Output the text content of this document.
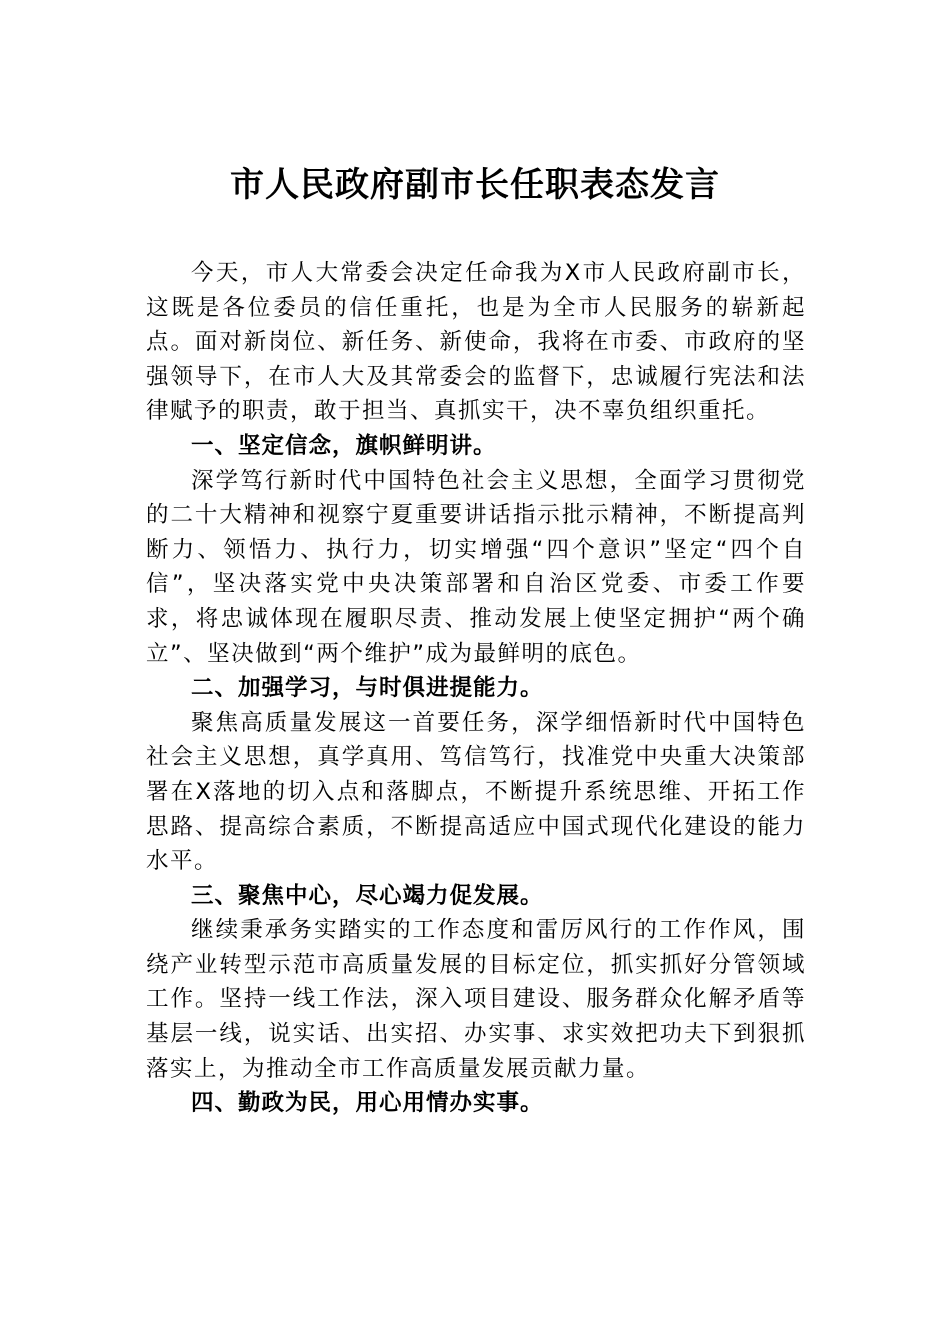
市人民政府副市长任职表态发言

今天，市人大常委会决定任命我为X市人民政府副市长，这既是各位委员的信任重托，也是为全市人民服务的崭新起点。面对新岗位、新任务、新使命，我将在市委、市政府的坚强领导下，在市人大及其常委会的监督下，忠诚履行宪法和法律赋予的职责，敢于担当、真抓实干，决不辜负组织重托。

一、坚定信念，旗帜鲜明讲。

深学笃行新时代中国特色社会主义思想，全面学习贯彻党的二十大精神和视察宁夏重要讲话指示批示精神，不断提高判断力、领悟力、执行力，切实增强“四个意识”坚定“四个自信”，坚决落实党中央决策部署和自治区党委、市委工作要求，将忠诚体现在履职尽责、推动发展上使坚定拥护“两个确立”、坚决做到“两个维护”成为最鲜明的底色。

二、加强学习，与时俱进提能力。

聚焦高质量发展这一首要任务，深学细悟新时代中国特色社会主义思想，真学真用、笃信笃行，找准党中央重大决策部署在X落地的切入点和落脚点，不断提升系统思维、开拓工作思路、提高综合素质，不断提高适应中国式现代化建设的能力水平。

三、聚焦中心，尽心竭力促发展。

继续秉承务实踏实的工作态度和雷厉风行的工作作风，围绕产业转型示范市高质量发展的目标定位，抓实抓好分管领域工作。坚持一线工作法，深入项目建设、服务群众化解矛盾等基层一线，说实话、出实招、办实事、求实效把功夫下到狠抓落实上，为推动全市工作高质量发展贡献力量。

四、勤政为民，用心用情办实事。
